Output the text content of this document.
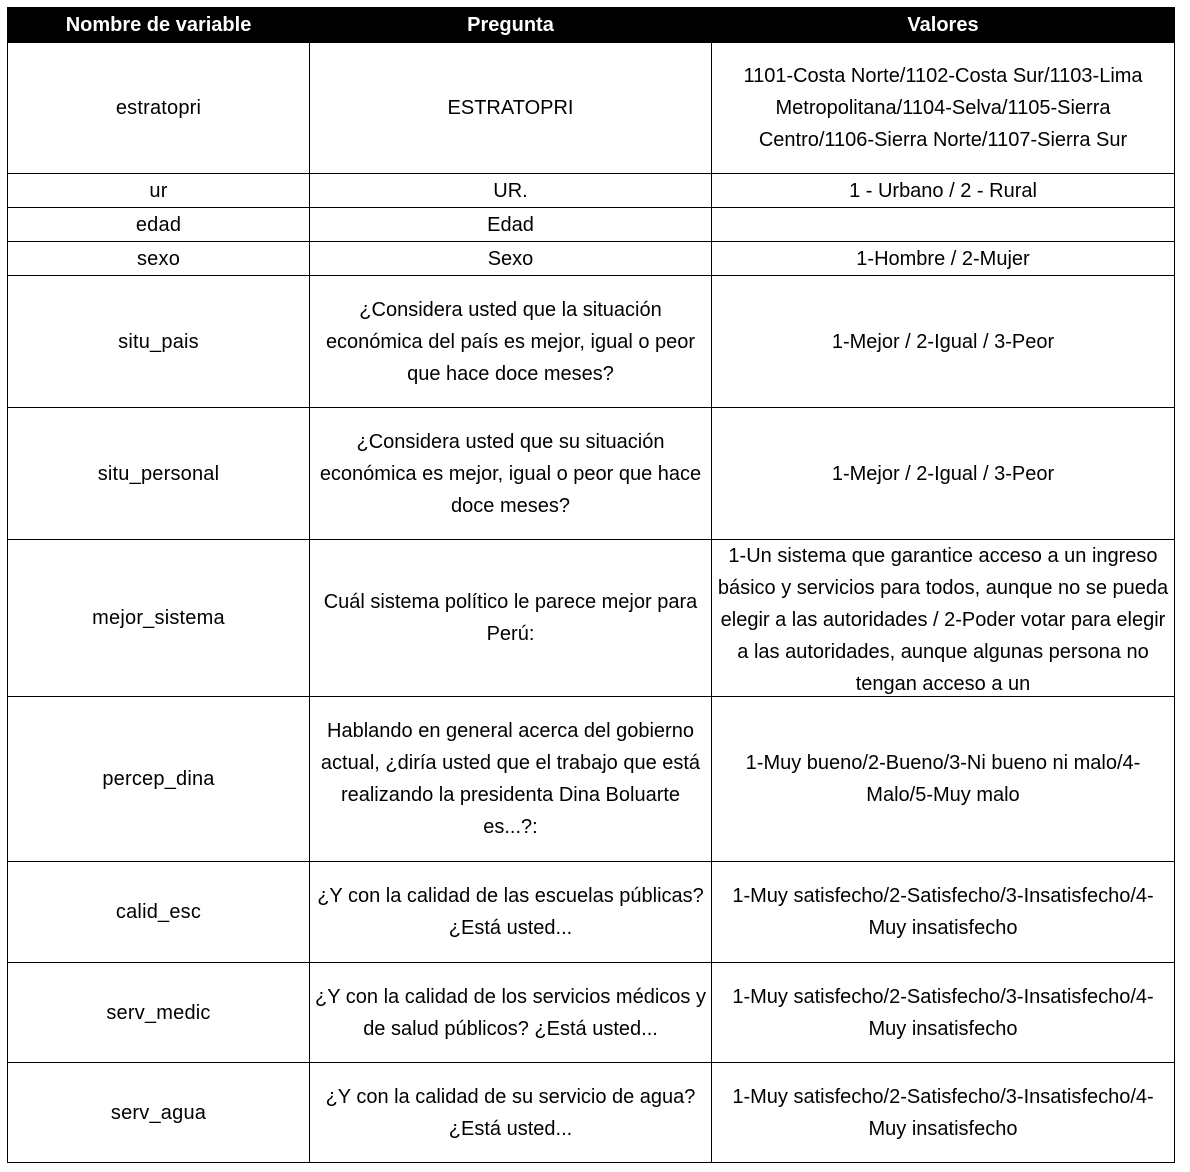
Nombre de variable	Pregunta	Valores
estratopri	ESTRATOPRI	1101-Costa Norte/1102-Costa Sur/1103-Lima Metropolitana/1104-Selva/1105-Sierra Centro/1106-Sierra Norte/1107-Sierra Sur
ur	UR.	1 - Urbano / 2 - Rural
edad	Edad	
sexo	Sexo	1-Hombre / 2-Mujer
situ_pais	¿Considera usted que la situación económica del país es mejor, igual o peor que hace doce meses?	1-Mejor / 2-Igual / 3-Peor
situ_personal	¿Considera usted que su situación económica es mejor, igual o peor que hace doce meses?	1-Mejor / 2-Igual / 3-Peor
mejor_sistema	Cuál sistema político le parece mejor para Perú:	1-Un sistema que garantice acceso a un ingreso básico y servicios para todos, aunque no se pueda elegir a las autoridades / 2-Poder votar para elegir a las autoridades, aunque algunas persona no tengan acceso a un

percep_dina	Hablando en general acerca del gobierno actual, ¿diría usted que el trabajo que está realizando la presidenta Dina Boluarte es...?:	1-Muy bueno/2-Bueno/3-Ni bueno ni malo/4-Malo/5-Muy malo
calid_esc	¿Y con la calidad de las escuelas públicas? ¿Está usted...	1-Muy satisfecho/2-Satisfecho/3-Insatisfecho/4-Muy insatisfecho
serv_medic	¿Y con la calidad de los servicios médicos y de salud públicos? ¿Está usted...	1-Muy satisfecho/2-Satisfecho/3-Insatisfecho/4-Muy insatisfecho
serv_agua	¿Y con la calidad de su servicio de agua? ¿Está usted...	1-Muy satisfecho/2-Satisfecho/3-Insatisfecho/4-Muy insatisfecho
